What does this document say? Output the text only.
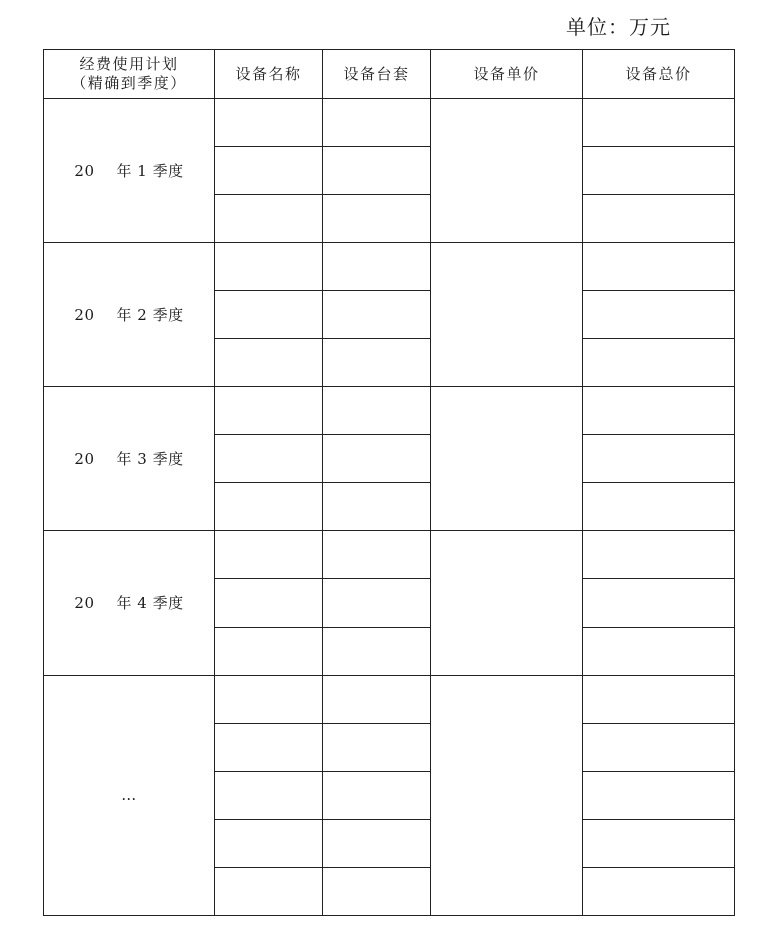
单位：万元
经费使用计划
（精确到季度）	设备名称	设备台套	设备单价	设备总价
20 年 1 季度				

20 年 2 季度				

20 年 3 季度				

20 年 4 季度				

…				
